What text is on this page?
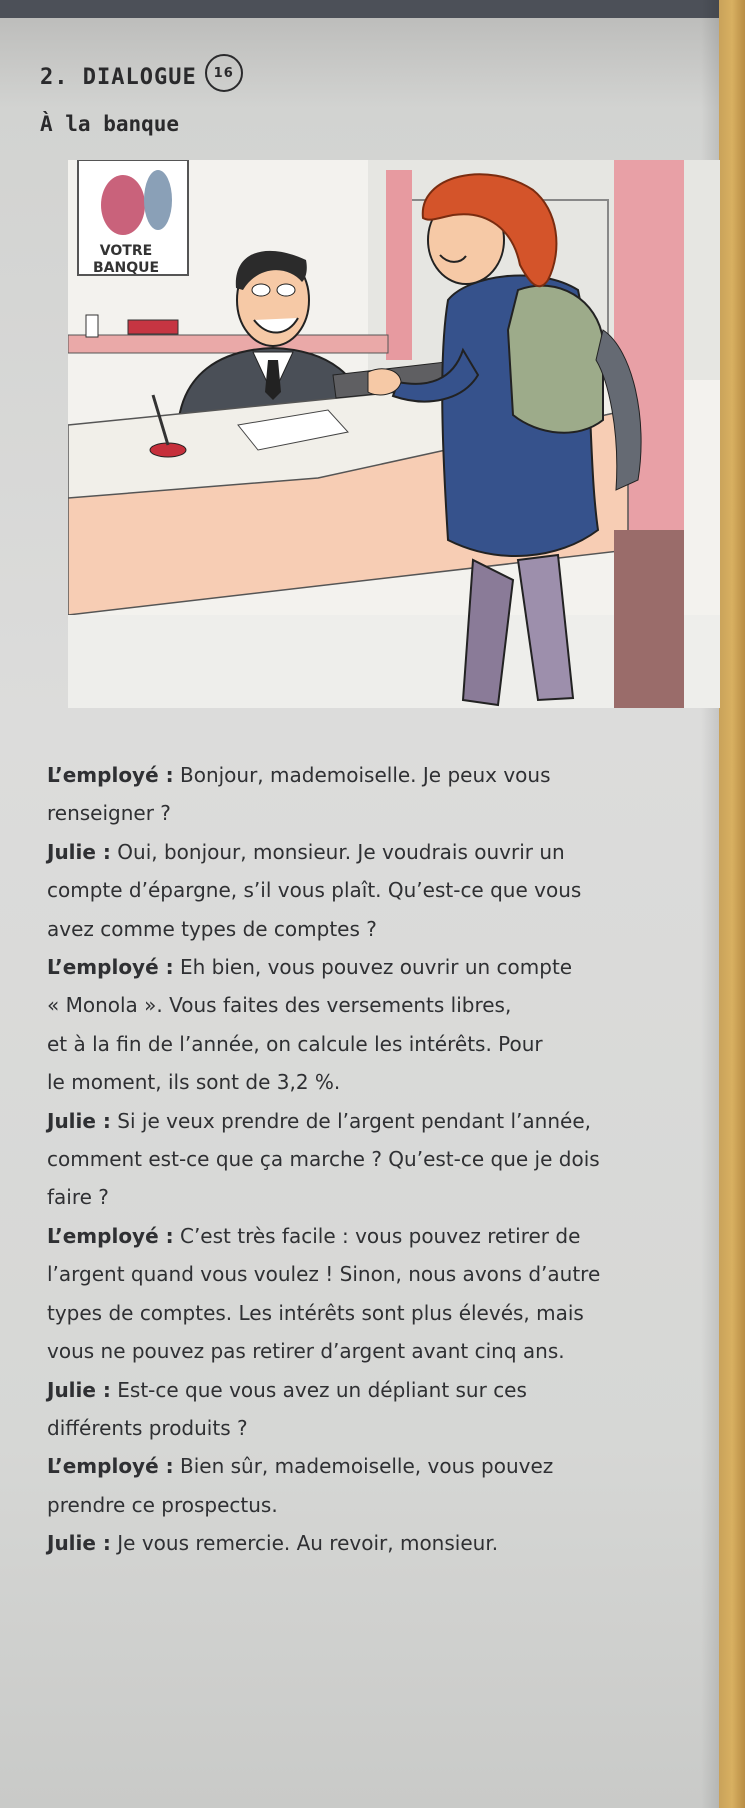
2. DIALOGUE 16
À la banque
VOTRE
BANQUE

L’employé : Bonjour, mademoiselle. Je peux vous

renseigner ?

Julie : Oui, bonjour, monsieur. Je voudrais ouvrir un

compte d’épargne, s’il vous plaît. Qu’est-ce que vous

avez comme types de comptes ?

L’employé : Eh bien, vous pouvez ouvrir un compte

« Monola ». Vous faites des versements libres,

et à la fin de l’année, on calcule les intérêts. Pour

le moment, ils sont de 3,2 %.

Julie : Si je veux prendre de l’argent pendant l’année,

comment est-ce que ça marche ? Qu’est-ce que je dois

faire ?

L’employé : C’est très facile : vous pouvez retirer de

l’argent quand vous voulez ! Sinon, nous avons d’autre

types de comptes. Les intérêts sont plus élevés, mais

vous ne pouvez pas retirer d’argent avant cinq ans.

Julie : Est-ce que vous avez un dépliant sur ces

différents produits ?

L’employé : Bien sûr, mademoiselle, vous pouvez

prendre ce prospectus.

Julie : Je vous remercie. Au revoir, monsieur.
